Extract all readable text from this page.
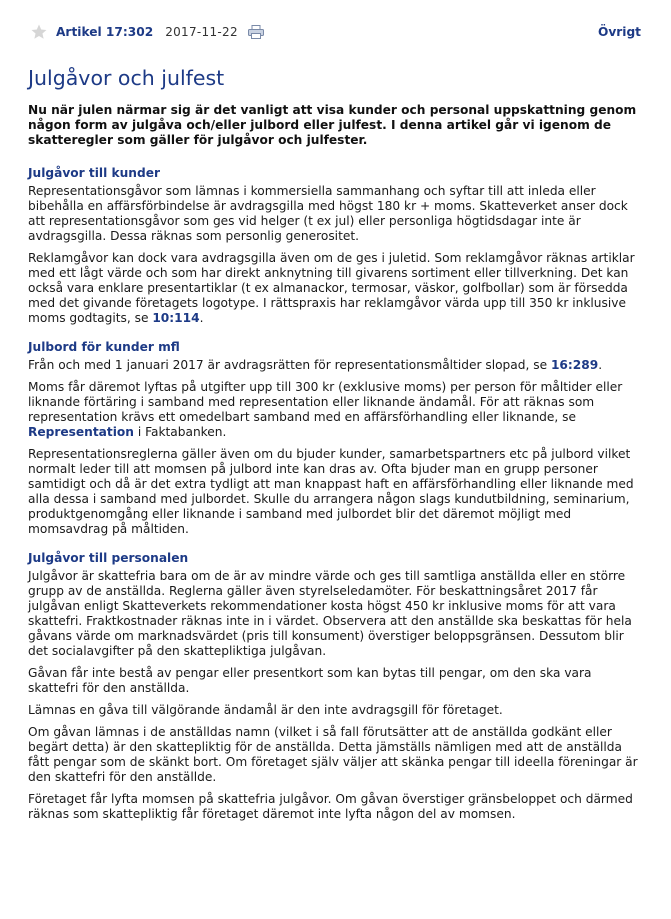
Artikel 17:302 2017-11-22	Övrigt
Julgåvor och julfest

Nu när julen närmar sig är det vanligt att visa kunder och personal uppskattning genom någon form av julgåva och/eller julbord eller julfest. I denna artikel går vi igenom de skatteregler som gäller för julgåvor och julfester.

Julgåvor till kunder

Representationsgåvor som lämnas i kommersiella sammanhang och syftar till att inleda eller bibehålla en affärsförbindelse är avdragsgilla med högst 180 kr + moms. Skatteverket anser dock att representationsgåvor som ges vid helger (t ex jul) eller personliga högtidsdagar inte är avdragsgilla. Dessa räknas som personlig generositet.

Reklamgåvor kan dock vara avdragsgilla även om de ges i juletid. Som reklamgåvor räknas artiklar med ett lågt värde och som har direkt anknytning till givarens sortiment eller tillverkning. Det kan också vara enklare presentartiklar (t ex almanackor, termosar, väskor, golfbollar) som är försedda med det givande företagets logotype. I rättspraxis har reklamgåvor värda upp till 350 kr inklusive moms godtagits, se 10:114.

Julbord för kunder mfl

Från och med 1 januari 2017 är avdragsrätten för representationsmåltider slopad, se 16:289.

Moms får däremot lyftas på utgifter upp till 300 kr (exklusive moms) per person för måltider eller liknande förtäring i samband med representation eller liknande ändamål. För att räknas som representation krävs ett omedelbart samband med en affärsförhandling eller liknande, se Representation i Faktabanken.

Representationsreglerna gäller även om du bjuder kunder, samarbetspartners etc på julbord vilket normalt leder till att momsen på julbord inte kan dras av. Ofta bjuder man en grupp personer samtidigt och då är det extra tydligt att man knappast haft en affärsförhandling eller liknande med alla dessa i samband med julbordet. Skulle du arrangera någon slags kundutbildning, seminarium, produktgenomgång eller liknande i samband med julbordet blir det däremot möjligt med momsavdrag på måltiden.

Julgåvor till personalen

Julgåvor är skattefria bara om de är av mindre värde och ges till samtliga anställda eller en större grupp av de anställda. Reglerna gäller även styrelseledamöter. För beskattningsåret 2017 får julgåvan enligt Skatteverkets rekommendationer kosta högst 450 kr inklusive moms för att vara skattefri. Fraktkostnader räknas inte in i värdet. Observera att den anställde ska beskattas för hela gåvans värde om marknadsvärdet (pris till konsument) överstiger beloppsgränsen. Dessutom blir det socialavgifter på den skattepliktiga julgåvan.

Gåvan får inte bestå av pengar eller presentkort som kan bytas till pengar, om den ska vara skattefri för den anställda.

Lämnas en gåva till välgörande ändamål är den inte avdragsgill för företaget.

Om gåvan lämnas i de anställdas namn (vilket i så fall förutsätter att de anställda godkänt eller begärt detta) är den skattepliktig för de anställda. Detta jämställs nämligen med att de anställda fått pengar som de skänkt bort. Om företaget själv väljer att skänka pengar till ideella föreningar är den skattefri för den anställde.

Företaget får lyfta momsen på skattefria julgåvor. Om gåvan överstiger gränsbeloppet och därmed räknas som skattepliktig får företaget däremot inte lyfta någon del av momsen.
